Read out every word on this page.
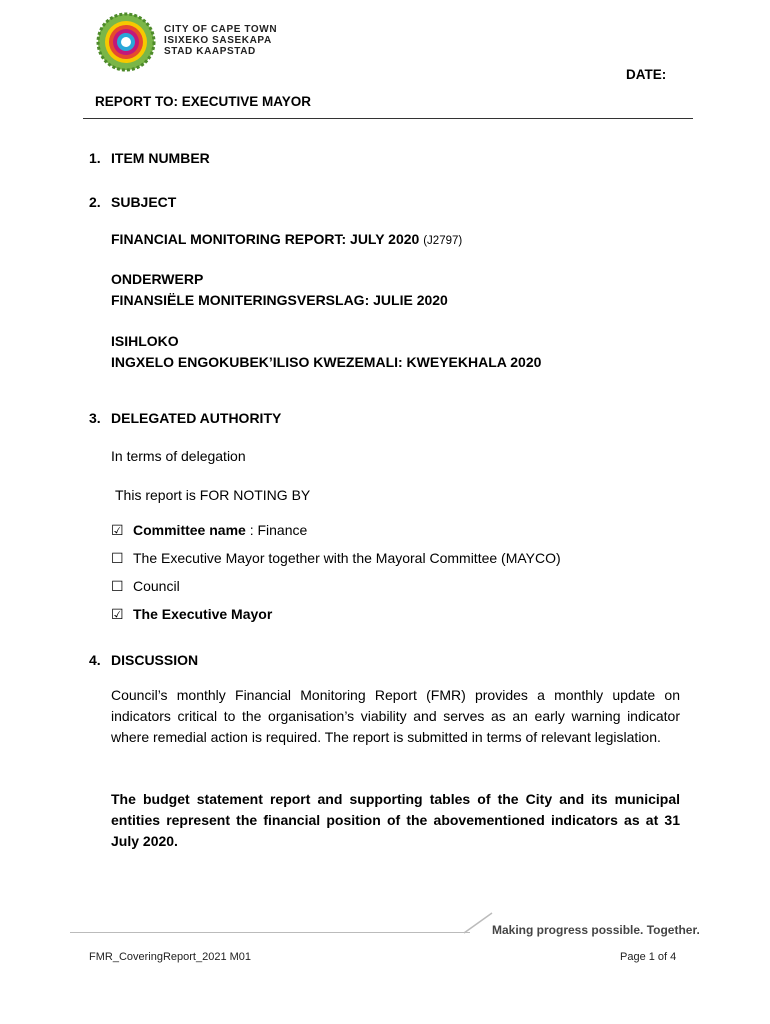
CITY OF CAPE TOWN
ISIXEKO SASEKAPA
STAD KAAPSTAD
DATE:
REPORT TO: EXECUTIVE MAYOR
1. ITEM NUMBER
2. SUBJECT
FINANCIAL MONITORING REPORT: JULY 2020 (J2797)
ONDERWERP
FINANSIËLE MONITERINGSVERSLAG: JULIE 2020
ISIHLOKO
INGXELO ENGOKUBEK’ILISO KWEZEMALI: KWEYEKHALA 2020
3. DELEGATED AUTHORITY
In terms of delegation
This report is FOR NOTING BY
☑ Committee name : Finance
☐ The Executive Mayor together with the Mayoral Committee (MAYCO)
☐ Council
☑ The Executive Mayor
4. DISCUSSION
Council’s monthly Financial Monitoring Report (FMR) provides a monthly update on indicators critical to the organisation’s viability and serves as an early warning indicator where remedial action is required. The report is submitted in terms of relevant legislation.
The budget statement report and supporting tables of the City and its municipal entities represent the financial position of the abovementioned indicators as at 31 July 2020.
Making progress possible. Together.
FMR_CoveringReport_2021 M01	Page 1 of 4
